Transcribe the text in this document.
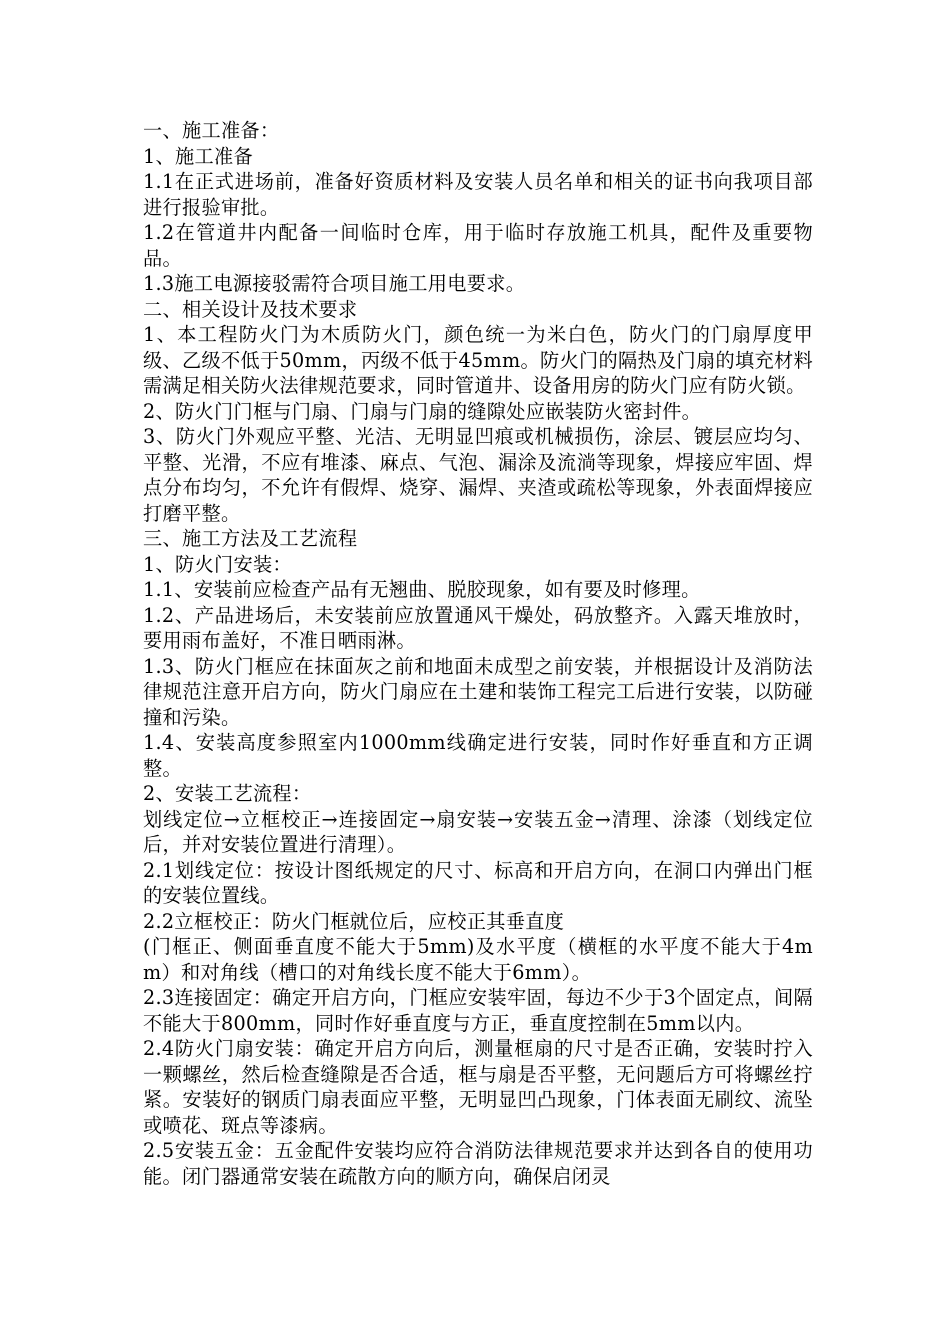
一、施工准备：

1、施工准备

1.1在正式进场前，准备好资质材料及安装人员名单和相关的证书向我项目部进行报验审批。

1.2在管道井内配备一间临时仓库，用于临时存放施工机具，配件及重要物品。

1.3施工电源接驳需符合项目施工用电要求。

二、相关设计及技术要求

1、本工程防火门为木质防火门，颜色统一为米白色，防火门的门扇厚度甲级、乙级不低于50mm，丙级不低于45mm。防火门的隔热及门扇的填充材料需满足相关防火法律规范要求，同时管道井、设备用房的防火门应有防火锁。

2、防火门门框与门扇、门扇与门扇的缝隙处应嵌装防火密封件。

3、防火门外观应平整、光洁、无明显凹痕或机械损伤，涂层、镀层应均匀、平整、光滑，不应有堆漆、麻点、气泡、漏涂及流淌等现象，焊接应牢固、焊点分布均匀，不允许有假焊、烧穿、漏焊、夹渣或疏松等现象，外表面焊接应打磨平整。

三、施工方法及工艺流程

1、防火门安装：

1.1、安装前应检查产品有无翘曲、脱胶现象，如有要及时修理。

1.2、产品进场后，未安装前应放置通风干燥处，码放整齐。入露天堆放时，要用雨布盖好，不准日晒雨淋。

1.3、防火门框应在抹面灰之前和地面未成型之前安装，并根据设计及消防法律规范注意开启方向，防火门扇应在土建和装饰工程完工后进行安装，以防碰撞和污染。

1.4、安装高度参照室内1000mm线确定进行安装，同时作好垂直和方正调整。

2、安装工艺流程：

划线定位→立框校正→连接固定→扇安装→安装五金→清理、涂漆（划线定位后，并对安装位置进行清理）。

2.1划线定位：按设计图纸规定的尺寸、标高和开启方向，在洞口内弹出门框的安装位置线。

2.2立框校正：防火门框就位后，应校正其垂直度

(门框正、侧面垂直度不能大于5mm)及水平度（横框的水平度不能大于4mm）和对角线（槽口的对角线长度不能大于6mm）。

2.3连接固定：确定开启方向，门框应安装牢固，每边不少于3个固定点，间隔不能大于800mm，同时作好垂直度与方正，垂直度控制在5mm以内。

2.4防火门扇安装：确定开启方向后，测量框扇的尺寸是否正确，安装时拧入一颗螺丝，然后检查缝隙是否合适，框与扇是否平整，无问题后方可将螺丝拧紧。安装好的钢质门扇表面应平整，无明显凹凸现象，门体表面无刷纹、流坠或喷花、斑点等漆病。

2.5安装五金：五金配件安装均应符合消防法律规范要求并达到各自的使用功能。闭门器通常安装在疏散方向的顺方向，确保启闭灵
